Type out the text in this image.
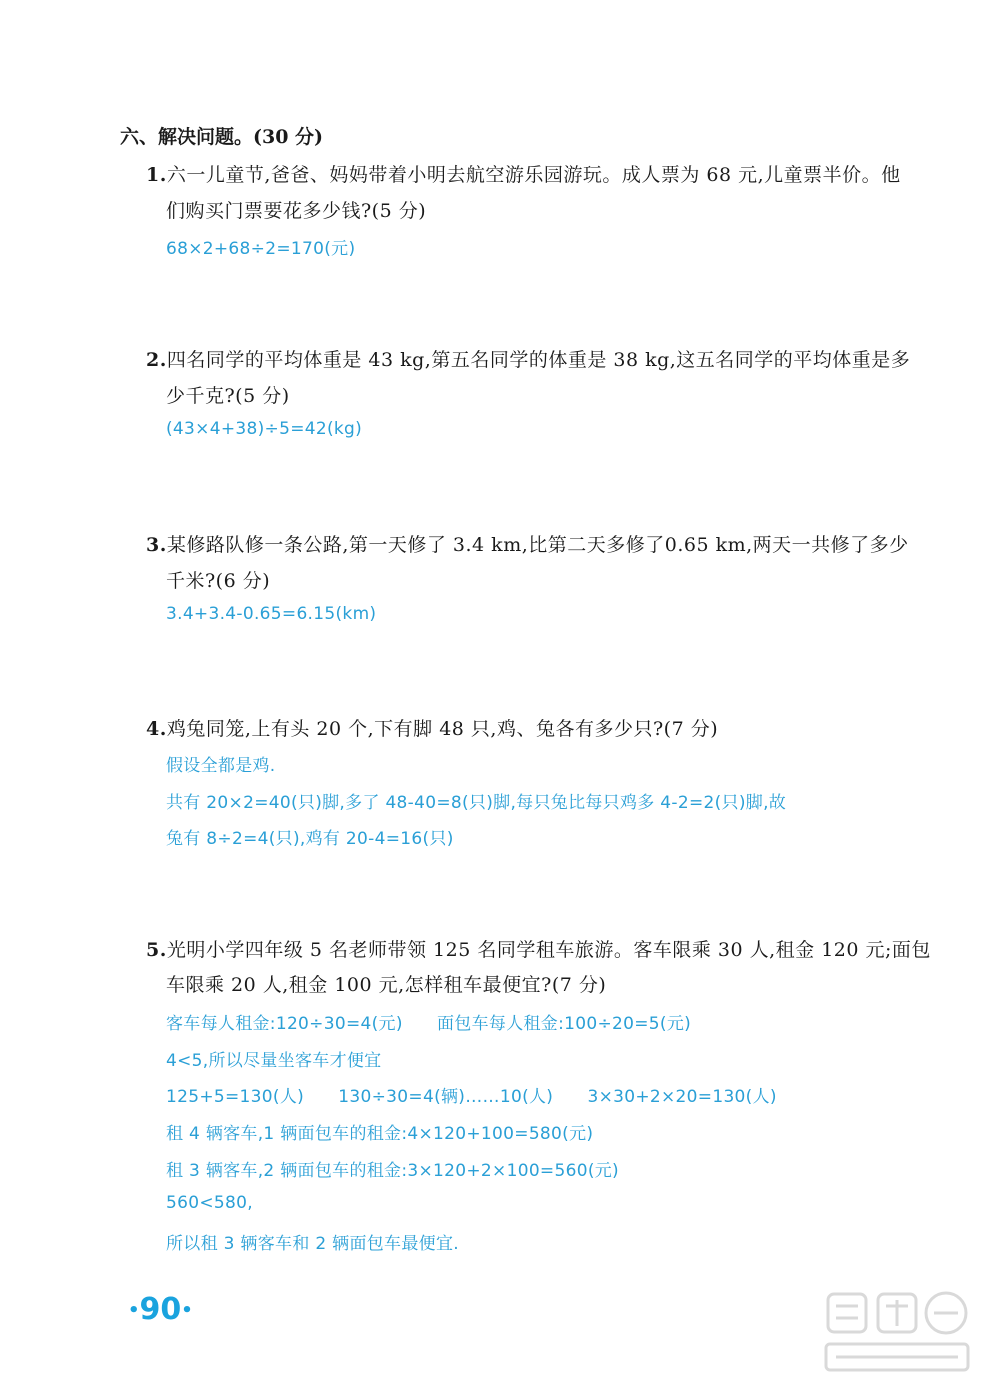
六、解决问题。(30 分)
1.六一儿童节,爸爸、妈妈带着小明去航空游乐园游玩。成人票为 68 元,儿童票半价。他
们购买门票要花多少钱?(5 分)
68×2+68÷2=170(元)
2.四名同学的平均体重是 43 kg,第五名同学的体重是 38 kg,这五名同学的平均体重是多
少千克?(5 分)
(43×4+38)÷5=42(kg)
3.某修路队修一条公路,第一天修了 3.4 km,比第二天多修了0.65 km,两天一共修了多少
千米?(6 分)
3.4+3.4-0.65=6.15(km)
4.鸡兔同笼,上有头 20 个,下有脚 48 只,鸡、兔各有多少只?(7 分)
假设全都是鸡.
共有 20×2=40(只)脚,多了 48-40=8(只)脚,每只兔比每只鸡多 4-2=2(只)脚,故
兔有 8÷2=4(只),鸡有 20-4=16(只)
5.光明小学四年级 5 名老师带领 125 名同学租车旅游。客车限乘 30 人,租金 120 元;面包
车限乘 20 人,租金 100 元,怎样租车最便宜?(7 分)
客车每人租金:120÷30=4(元)      面包车每人租金:100÷20=5(元)
4<5,所以尽量坐客车才便宜
125+5=130(人)      130÷30=4(辆)……10(人)      3×30+2×20=130(人)
租 4 辆客车,1 辆面包车的租金:4×120+100=580(元)
租 3 辆客车,2 辆面包车的租金:3×120+2×100=560(元)
560<580,
所以租 3 辆客车和 2 辆面包车最便宜.
•90•
